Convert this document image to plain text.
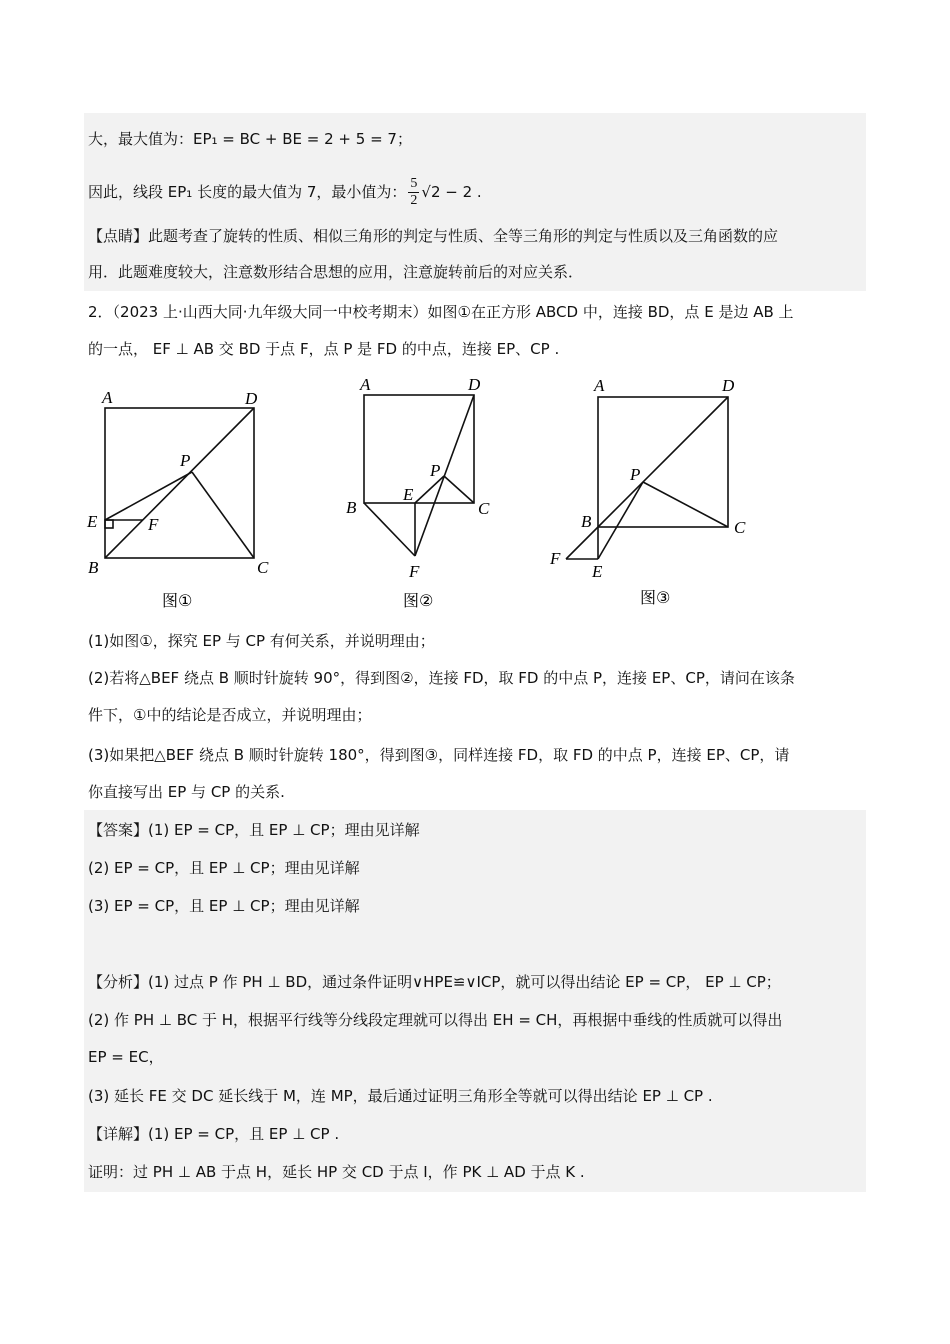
大，最大值为：EP₁ = BC + BE = 2 + 5 = 7；
因此，线段 EP₁ 长度的最大值为 7，最小值为： $\frac{5}{2} √2 - 2$ .
【点睛】此题考查了旋转的性质、相似三角形的判定与性质、全等三角形的判定与性质以及三角函数的应
用．此题难度较大，注意数形结合思想的应用，注意旋转前后的对应关系．
2．（2023 上·山西大同·九年级大同一中校考期末）如图①在正方形 ABCD 中，连接 BD，点 E 是边 AB 上
的一点， EF ⊥ AB 交 BD 于点 F，点 P 是 FD 的中点，连接 EP、CP .
A	D
P
E	F
B	C
图①
A	D
P
E
B	C
F
图②
A	D
P
B	C
F
E
图③
(1)如图①，探究 EP 与 CP 有何关系，并说明理由；
(2)若将△BEF 绕点 B 顺时针旋转 90°，得到图②，连接 FD，取 FD 的中点 P，连接 EP、CP，请问在该条
件下，①中的结论是否成立，并说明理由；
(3)如果把△BEF 绕点 B 顺时针旋转 180°，得到图③，同样连接 FD，取 FD 的中点 P，连接 EP、CP，请
你直接写出 EP 与 CP 的关系.
【答案】(1) EP = CP，且 EP ⊥ CP；理由见详解
(2) EP = CP，且 EP ⊥ CP；理由见详解
(3) EP = CP，且 EP ⊥ CP；理由见详解
【分析】(1) 过点 P 作 PH ⊥ BD，通过条件证明∨HPE≌∨ICP，就可以得出结论 EP = CP， EP ⊥ CP；
(2) 作 PH ⊥ BC 于 H，根据平行线等分线段定理就可以得出 EH = CH，再根据中垂线的性质就可以得出
EP = EC，
(3) 延长 FE 交 DC 延长线于 M，连 MP，最后通过证明三角形全等就可以得出结论 EP ⊥ CP .
【详解】(1) EP = CP，且 EP ⊥ CP .
证明：过 PH ⊥ AB 于点 H，延长 HP 交 CD 于点 I，作 PK ⊥ AD 于点 K .
